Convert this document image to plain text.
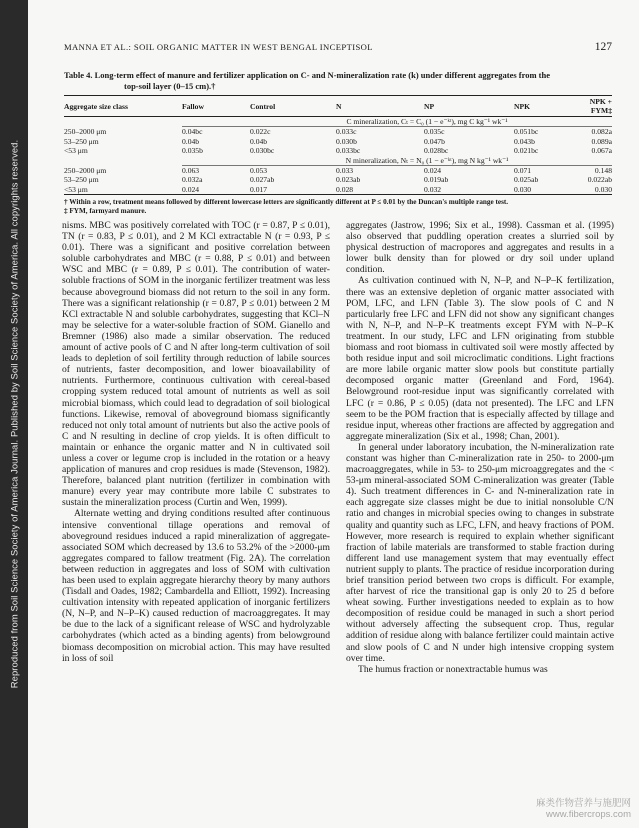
Reproduced from Soil Science Society of America Journal. Published by Soil Science Society of America. All copyrights reserved.
MANNA ET AL.: SOIL ORGANIC MATTER IN WEST BENGAL INCEPTISOL	127
Table 4. Long-term effect of manure and fertilizer application on C- and N-mineralization rate (k) under different aggregates from the
top-soil layer (0–15 cm).†
Aggregate size class	Fallow	Control	N	NP	NPK	NPK + FYM‡
	C mineralization, Cₜ = C₀ (1 − e⁻ᵏᵗ), mg C kg⁻¹ wk⁻¹					
250–2000 μm	0.04bc	0.022c	0.033c	0.035c	0.051bc	0.082a
53–250 μm	0.04b	0.04b	0.030b	0.047b	0.043b	0.089a
<53 μm	0.035b	0.030bc	0.033bc	0.028bc	0.021bc	0.067a
	N mineralization, Nₜ = N₀ (1 − e⁻ᵏᵗ), mg N kg⁻¹ wk⁻¹					
250–2000 μm	0.063	0.053	0.033	0.024	0.071	0.148
53–250 μm	0.032a	0.027ab	0.023ab	0.019ab	0.025ab	0.022ab
<53 μm	0.024	0.017	0.028	0.032	0.030	0.030
† Within a row, treatment means followed by different lowercase letters are significantly different at P ≤ 0.01 by the Duncan's multiple range test.
‡ FYM, farmyard manure.

nisms. MBC was positively correlated with TOC (r = 0.87, P ≤ 0.01), TN (r = 0.83, P ≤ 0.01), and 2 M KCl extractable N (r = 0.93, P ≤ 0.01). There was a significant and positive correlation between soluble carbohydrates and MBC (r = 0.88, P ≤ 0.01) and between WSC and MBC (r = 0.89, P ≤ 0.01). The contribution of water-soluble fractions of SOM in the inorganic fertilizer treatment was less because aboveground biomass did not return to the soil in any form. There was a significant relationship (r = 0.87, P ≤ 0.01) between 2 M KCl extractable N and soluble carbohydrates, suggesting that KCl–N may be selective for a water-soluble fraction of SOM. Gianello and Bremner (1986) also made a similar observation. The reduced amount of active pools of C and N after long-term cultivation of soil leads to depletion of soil fertility through reduction of labile sources of nutrients, faster decomposition, and lower bioavailability of nutrients. Furthermore, continuous cultivation with cereal-based cropping system reduced total amount of nutrients as well as soil microbial biomass, which could lead to degradation of soil biological functions. Likewise, removal of aboveground biomass significantly reduced not only total amount of nutrients but also the active pools of C and N resulting in decline of crop yields. It is often difficult to maintain or enhance the organic matter and N in cultivated soil unless a cover or legume crop is included in the rotation or a heavy application of manures and crop residues is made (Stevenson, 1982). Therefore, balanced plant nutrition (fertilizer in combination with manure) every year may contribute more labile C substrates to sustain the mineralization process (Curtin and Wen, 1999).

Alternate wetting and drying conditions resulted after continuous intensive conventional tillage operations and removal of aboveground residues induced a rapid mineralization of aggregate-associated SOM which decreased by 13.6 to 53.2% of the >2000-μm aggregates compared to fallow treatment (Fig. 2A). The correlation between reduction in aggregates and loss of SOM with cultivation has been used to explain aggregate hierarchy theory by many authors (Tisdall and Oades, 1982; Cambardella and Elliott, 1992). Increasing cultivation intensity with repeated application of inorganic fertilizers (N, N–P, and N–P–K) caused reduction of macroaggregates. It may be due to the lack of a significant release of WSC and hydrolyzable carbohydrates (which acted as a binding agents) from belowground biomass decomposition on microbial action. This may have resulted in loss of soil

aggregates (Jastrow, 1996; Six et al., 1998). Cassman et al. (1995) also observed that puddling operation creates a slurried soil by physical destruction of macropores and aggregates and results in a lower bulk density than for plowed or dry soil under upland condition.

As cultivation continued with N, N–P, and N–P–K fertilization, there was an extensive depletion of organic matter associated with POM, LFC, and LFN (Table 3). The slow pools of C and N particularly free LFC and LFN did not show any significant changes with N, N–P, and N–P–K treatments except FYM with N–P–K treatment. In our study, LFC and LFN originating from stubble biomass and root biomass in cultivated soil were mostly affected by both residue input and soil microclimatic conditions. Light fractions are more labile organic matter slow pools but constitute partially decomposed organic matter (Greenland and Ford, 1964). Belowground root-residue input was significantly correlated with LFC (r = 0.86, P ≤ 0.05) (data not presented). The LFC and LFN seem to be the POM fraction that is especially affected by tillage and residue input, whereas other fractions are affected by aggregation and aggregate mineralization (Six et al., 1998; Chan, 2001).

In general under laboratory incubation, the N-mineralization rate constant was higher than C-mineralization rate in 250- to 2000-μm macroaggregates, while in 53- to 250-μm microaggregates and the < 53-μm mineral-associated SOM C-mineralization was greater (Table 4). Such treatment differences in C- and N-mineralization rate in each aggregate size classes might be due to initial nonsoluble C/N ratio and changes in microbial species owing to changes in substrate quality and quantity such as LFC, LFN, and heavy fractions of POM. However, more research is required to explain whether significant fraction of labile materials are transformed to stable fraction during different land use management system that may eventually effect nutrient supply to plants. The practice of residue incorporation during brief transition period between two crops is difficult. For example, after harvest of rice the transitional gap is only 20 to 25 d before wheat sowing. Further investigations needed to explain as to how decomposition of residue could be managed in such a short period without adversely affecting the subsequent crop. Thus, regular addition of residue along with balance fertilizer could maintain active and slow pools of C and N under high intensive cropping system over time.

The humus fraction or nonextractable humus was

麻类作物营养与施肥网
www.fibercrops.com
